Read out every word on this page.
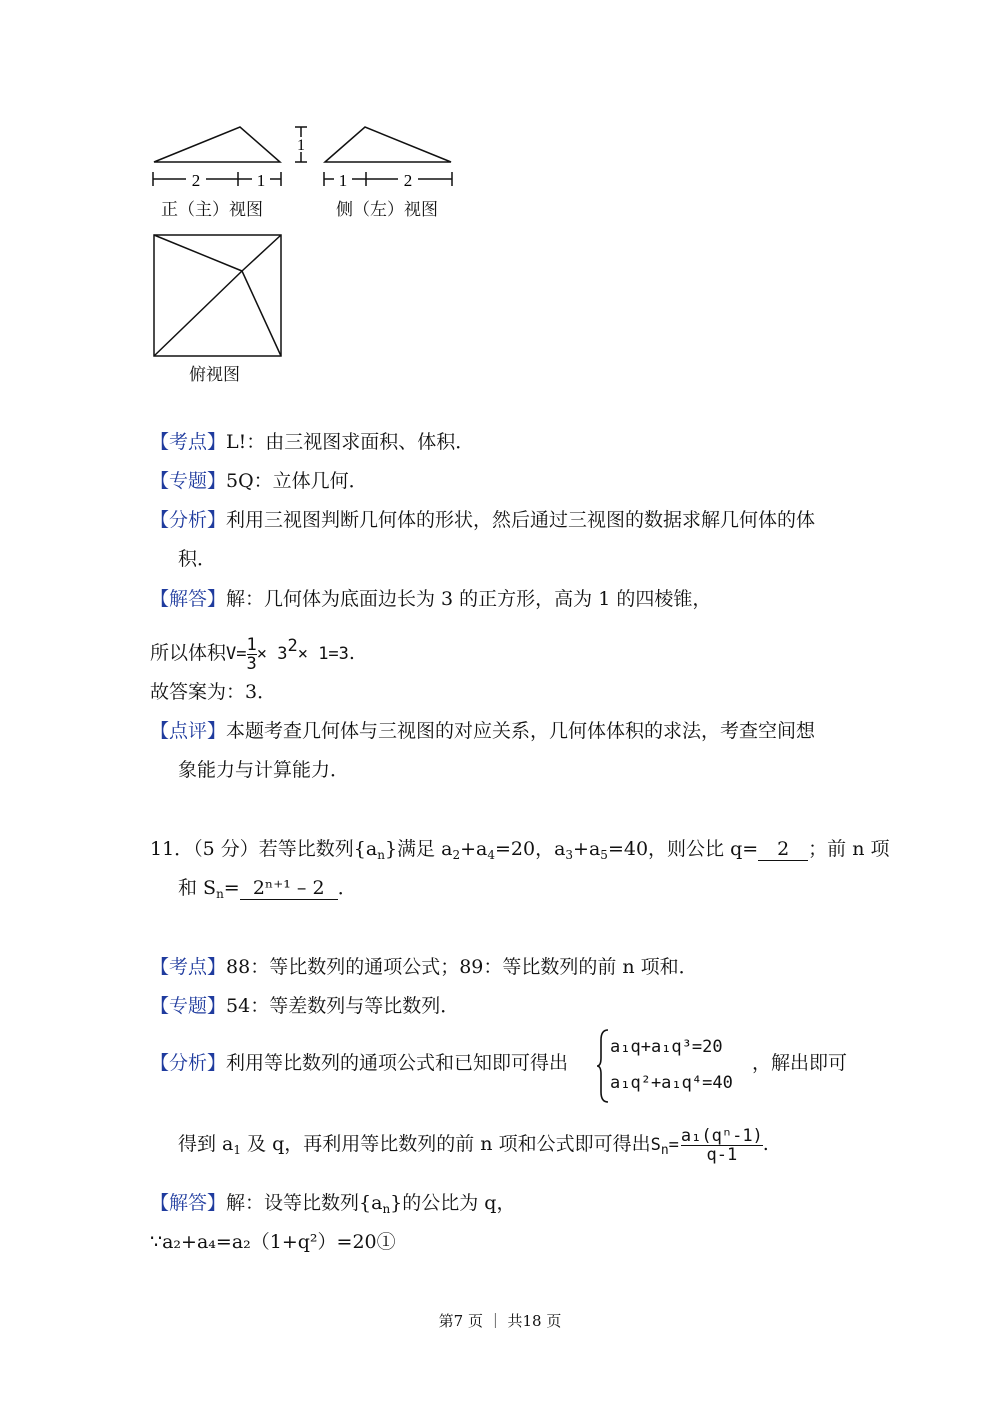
2	1
1
1	2
正（主）视图	侧（左）视图
俯视图
【考点】L!：由三视图求面积、体积．
【专题】5Q：立体几何．
【分析】利用三视图判断几何体的形状，然后通过三视图的数据求解几何体的体
积．
【解答】解：几何体为底面边长为 3 的正方形，高为 1 的四棱锥，
所以体积$V= \frac{1}{3} \times 32\times 1=3$.
故答案为：3．
【点评】本题考查几何体与三视图的对应关系，几何体体积的求法，考查空间想
象能力与计算能力．
11．（5 分）若等比数列$\{a_n\}$满足 $a_2+a_4=20$，$a_3+a_5=40$，则公比 q= 2 ；前 n 项
和 $S_n= 2^{n+1} - 2$ ．
【考点】88：等比数列的通项公式；89：等比数列的前 n 项和．
【专题】54：等差数列与等比数列．
【分析】利用等比数列的通项公式和已知即可得出
a₁q+a₁q³=20
a₁q²+a₁q⁴=40
，解出即可
得到 $a_1$ 及 q，再利用等比数列的前 n 项和公式即可得出$S_n= \frac{\text{a₁(qⁿ-1)}}{q-1}$ .
【解答】解：设等比数列$\{a_n\}$的公比为 q，
∵a₂+a₄=a₂（1+q²）=20①
第7 页 ｜ 共18 页
